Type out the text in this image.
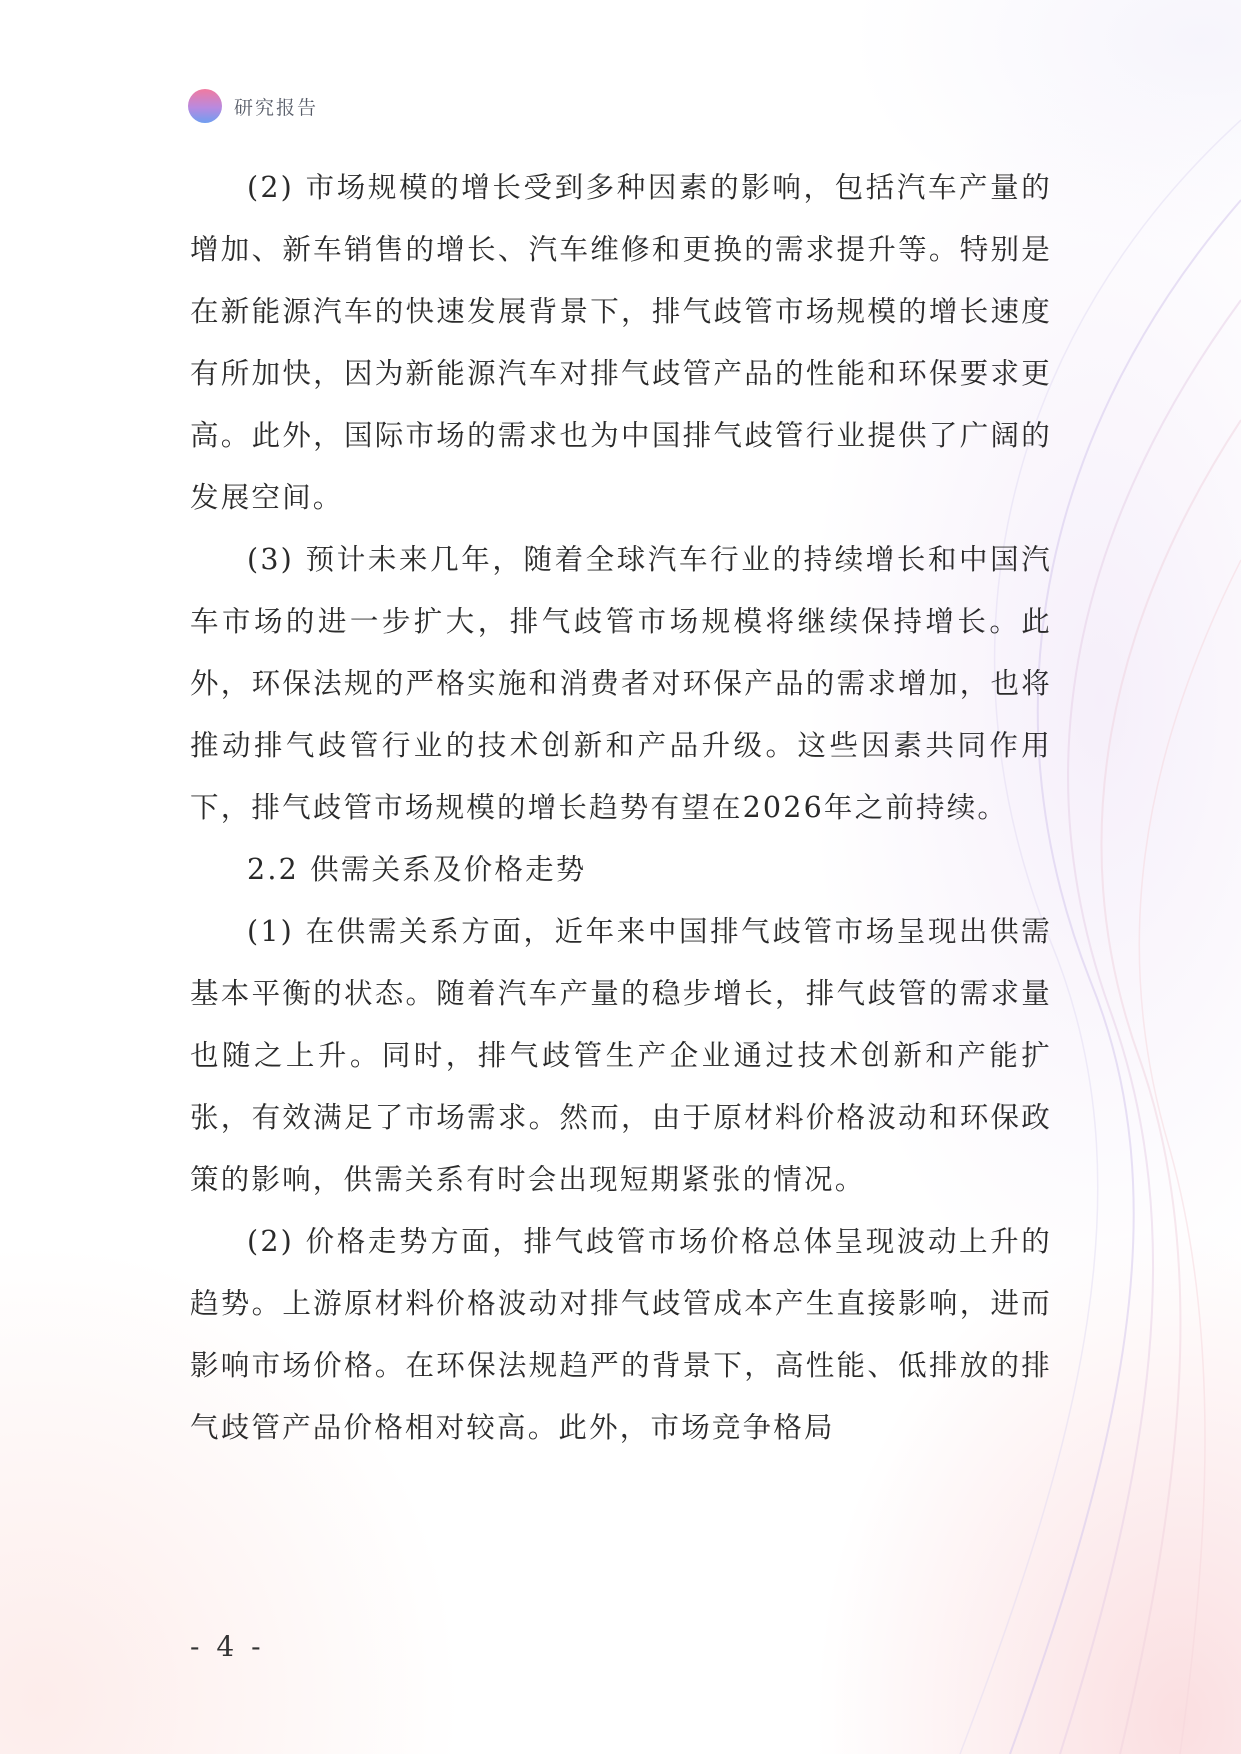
研究报告

(2) 市场规模的增长受到多种因素的影响，包括汽车产量的增加、新车销售的增长、汽车维修和更换的需求提升等。特别是在新能源汽车的快速发展背景下，排气歧管市场规模的增长速度有所加快，因为新能源汽车对排气歧管产品的性能和环保要求更高。此外，国际市场的需求也为中国排气歧管行业提供了广阔的发展空间。

(3) 预计未来几年，随着全球汽车行业的持续增长和中国汽车市场的进一步扩大，排气歧管市场规模将继续保持增长。此外，环保法规的严格实施和消费者对环保产品的需求增加，也将推动排气歧管行业的技术创新和产品升级。这些因素共同作用下，排气歧管市场规模的增长趋势有望在2026年之前持续。

2.2 供需关系及价格走势

(1) 在供需关系方面，近年来中国排气歧管市场呈现出供需基本平衡的状态。随着汽车产量的稳步增长，排气歧管的需求量也随之上升。同时，排气歧管生产企业通过技术创新和产能扩张，有效满足了市场需求。然而，由于原材料价格波动和环保政策的影响，供需关系有时会出现短期紧张的情况。

(2) 价格走势方面，排气歧管市场价格总体呈现波动上升的趋势。上游原材料价格波动对排气歧管成本产生直接影响，进而影响市场价格。在环保法规趋严的背景下，高性能、低排放的排气歧管产品价格相对较高。此外，市场竞争格局

- 4 -
